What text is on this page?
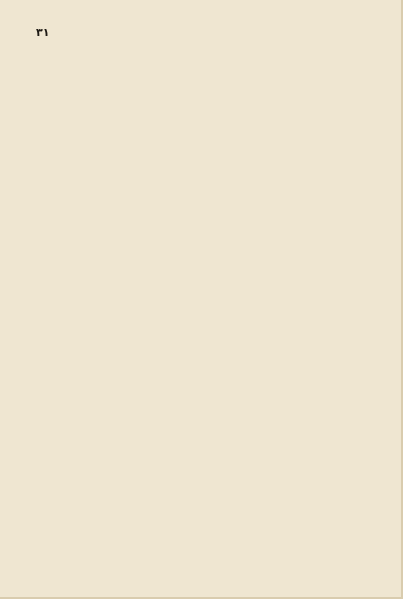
۳۱
